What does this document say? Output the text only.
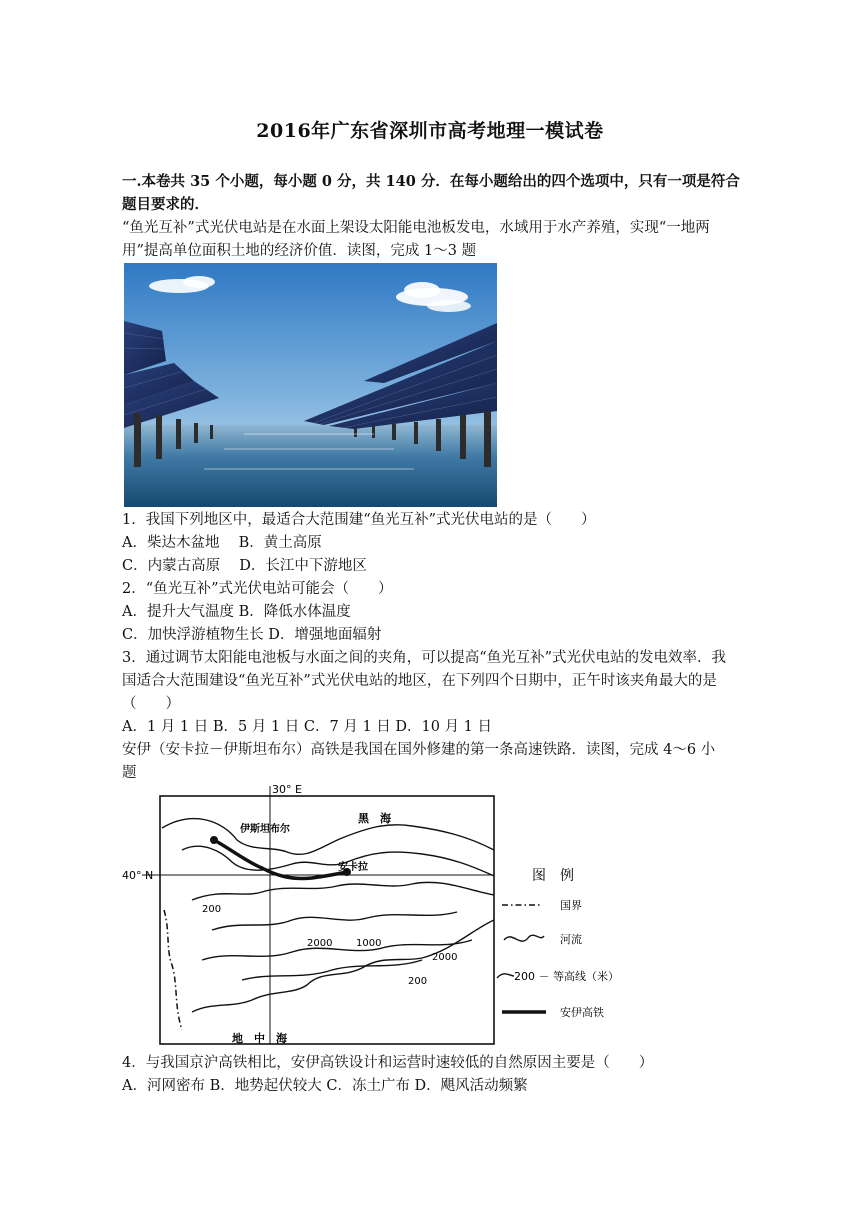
2016年广东省深圳市高考地理一模试卷
一.本卷共 35 个小题，每小题 0 分，共 140 分．在每小题给出的四个选项中，只有一项是符合
题目要求的．
“鱼光互补”式光伏电站是在水面上架设太阳能电池板发电，水域用于水产养殖，实现“一地两
用”提高单位面积土地的经济价值．读图，完成 1～3 题
1．我国下列地区中，最适合大范围建“鱼光互补”式光伏电站的是（　　）
A．柴达木盆地　 B．黄土高原
C．内蒙古高原　 D．长江中下游地区
2．“鱼光互补”式光伏电站可能会（　　）
A．提升大气温度 B．降低水体温度
C．加快浮游植物生长 D．增强地面辐射
3．通过调节太阳能电池板与水面之间的夹角，可以提高“鱼光互补”式光伏电站的发电效率．我
国适合大范围建设“鱼光互补”式光伏电站的地区，在下列四个日期中，正午时该夹角最大的是
（　　）
A．1 月 1 日 B．5 月 1 日 C．7 月 1 日 D．10 月 1 日
安伊（安卡拉－伊斯坦布尔）高铁是我国在国外修建的第一条高速铁路．读图，完成 4～6 小
题
30° E
40° N
黑　海
地　中　海
伊斯坦布尔
安卡拉
200
2000 1000
2000
200
图　例
国界
河流
200 － 等高线（米）
安伊高铁
4．与我国京沪高铁相比，安伊高铁设计和运营时速较低的自然原因主要是（　　）
A．河网密布 B．地势起伏较大 C．冻土广布 D．飓风活动频繁
